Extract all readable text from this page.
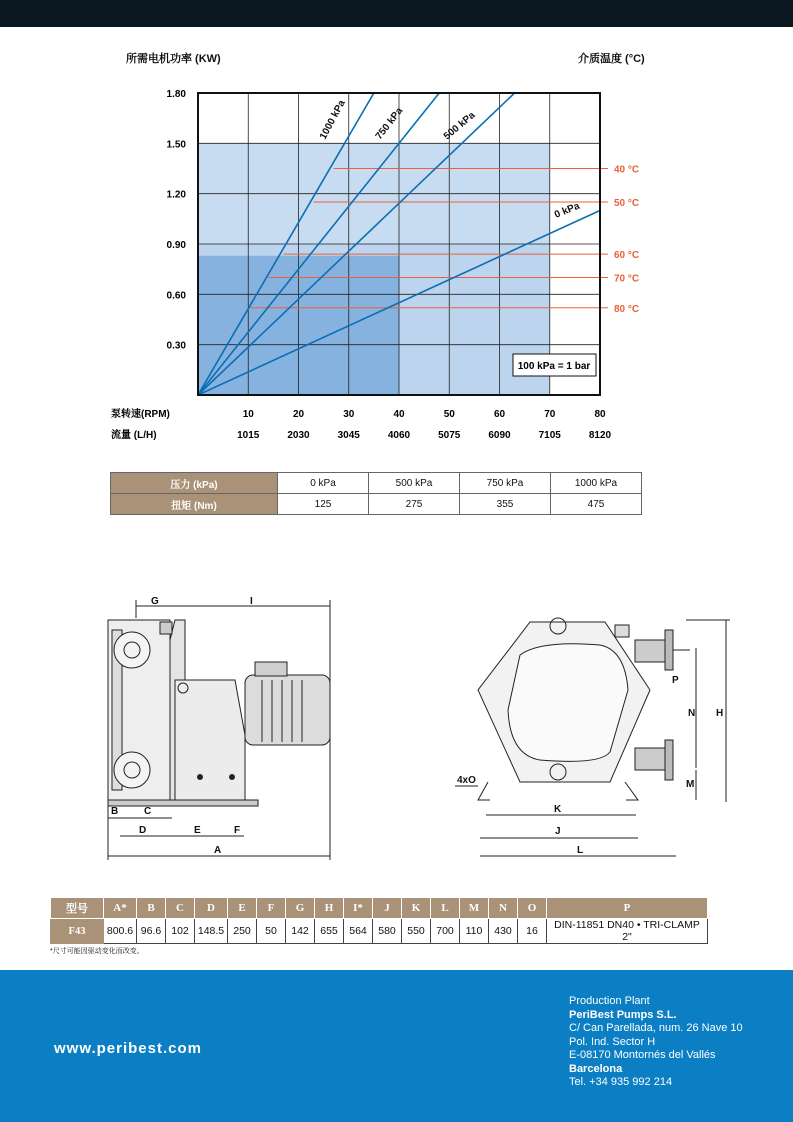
所需电机功率 (KW)	介质温度 (°C)
40 °C
50 °C
60 °C
70 °C
80 °C
1000 kPa	750 kPa	500 kPa
0 kPa
100 kPa = 1 bar
1.80
1.50
1.20
0.90
0.60
0.30
10	20	30	40	50	60	70	80
1015	2030	3045	4060	5075	6090	7105	8120
泵转速(RPM)
流量 (L/H)
压力 (kPa)	0 kPa	500 kPa	750 kPa	1000 kPa
扭矩 (Nm)	125	275	355	475
G	I
B	C
D	E	F
A
P
N H
M
4xO
K
J
L
型号	A*	B	C	D	E	F	G	H	I*	J	K	L	M	N	O	P
F43	800.6	96.6	102	148.5	250	50	142	655	564	580	550	700	110	430	16	DIN-11851 DN40 • TRI-CLAMP 2"
*尺寸可能因驱动变化而改变。
www.peribest.com
Production Plant
PeriBest Pumps S.L.
C/ Can Parellada, num. 26 Nave 10
Pol. Ind. Sector H
E-08170 Montornés del Vallés
Barcelona
Tel. +34 935 992 214
